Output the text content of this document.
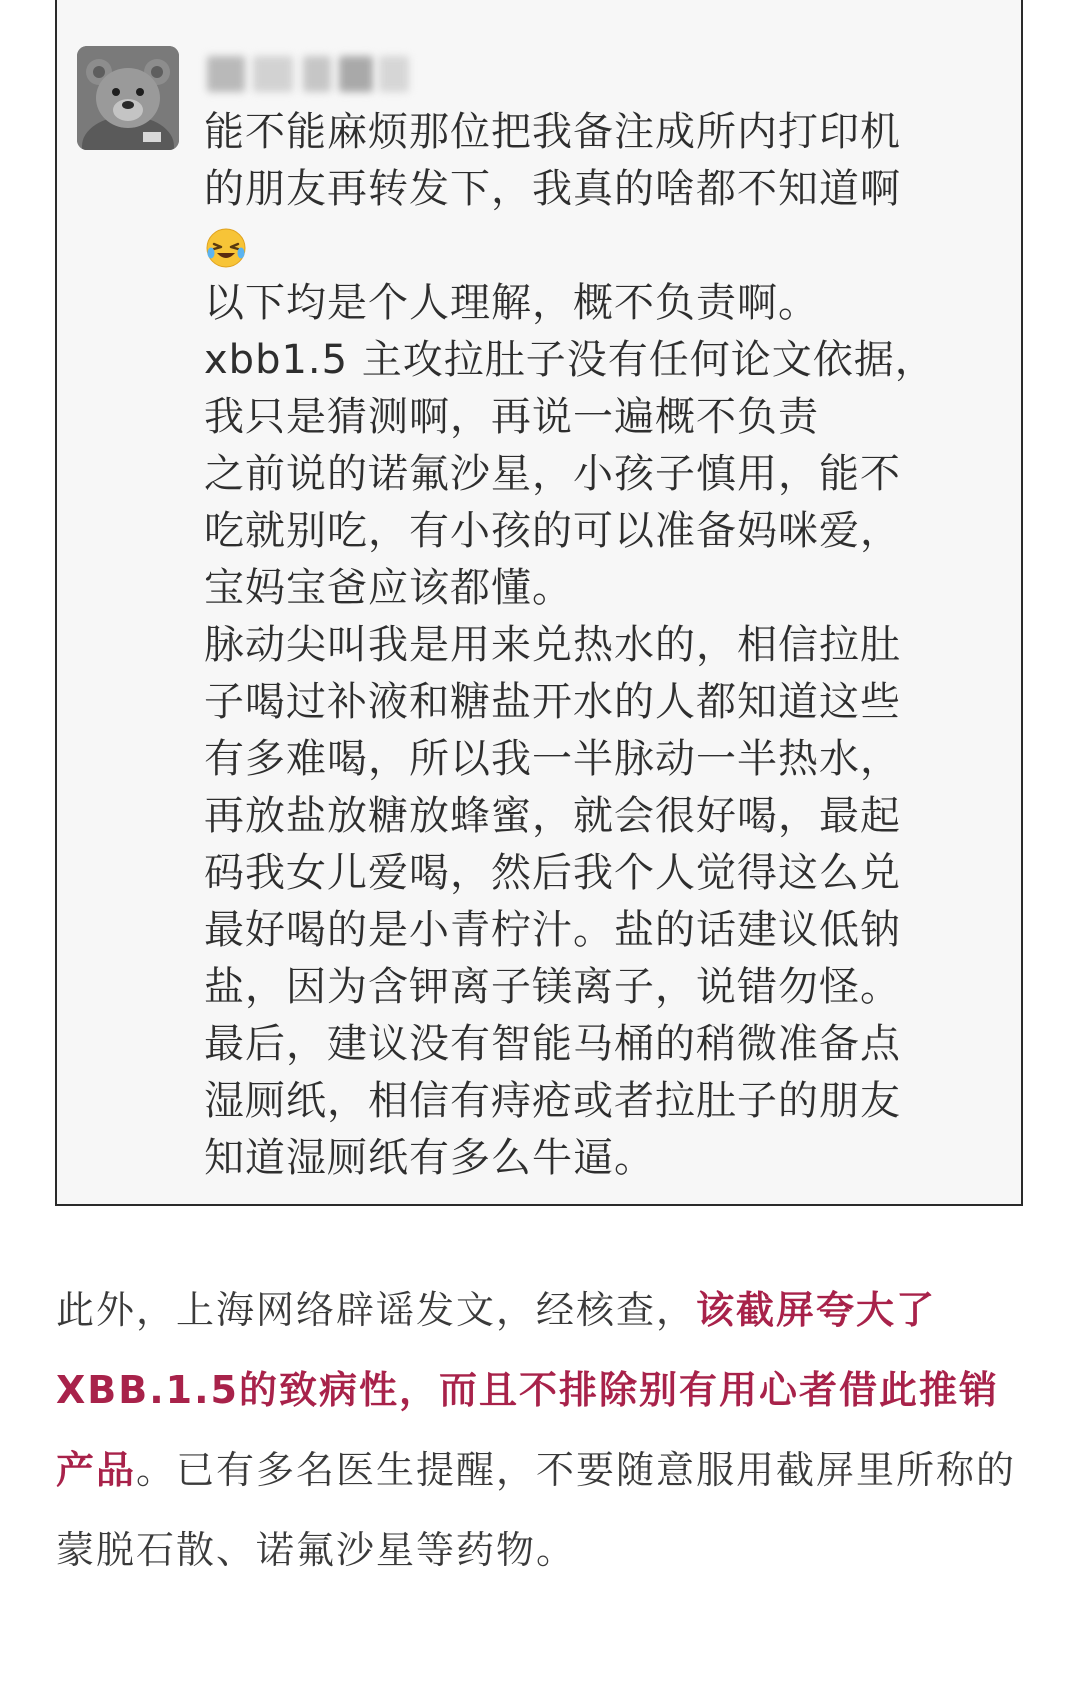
能不能麻烦那位把我备注成所内打印机
的朋友再转发下，我真的啥都不知道啊
以下均是个人理解，概不负责啊。
xbb1.5 主攻拉肚子没有任何论文依据，
我只是猜测啊，再说一遍概不负责
之前说的诺氟沙星，小孩子慎用，能不
吃就别吃，有小孩的可以准备妈咪爱，
宝妈宝爸应该都懂。
脉动尖叫我是用来兑热水的，相信拉肚
子喝过补液和糖盐开水的人都知道这些
有多难喝，所以我一半脉动一半热水，
再放盐放糖放蜂蜜，就会很好喝，最起
码我女儿爱喝，然后我个人觉得这么兑
最好喝的是小青柠汁。盐的话建议低钠
盐，因为含钾离子镁离子，说错勿怪。
最后，建议没有智能马桶的稍微准备点
湿厕纸，相信有痔疮或者拉肚子的朋友
知道湿厕纸有多么牛逼。

此外，上海网络辟谣发文，经核查，该截屏夸大了XBB.1.5的致病性，而且不排除别有用心者借此推销产品。已有多名医生提醒，不要随意服用截屏里所称的蒙脱石散、诺氟沙星等药物。
